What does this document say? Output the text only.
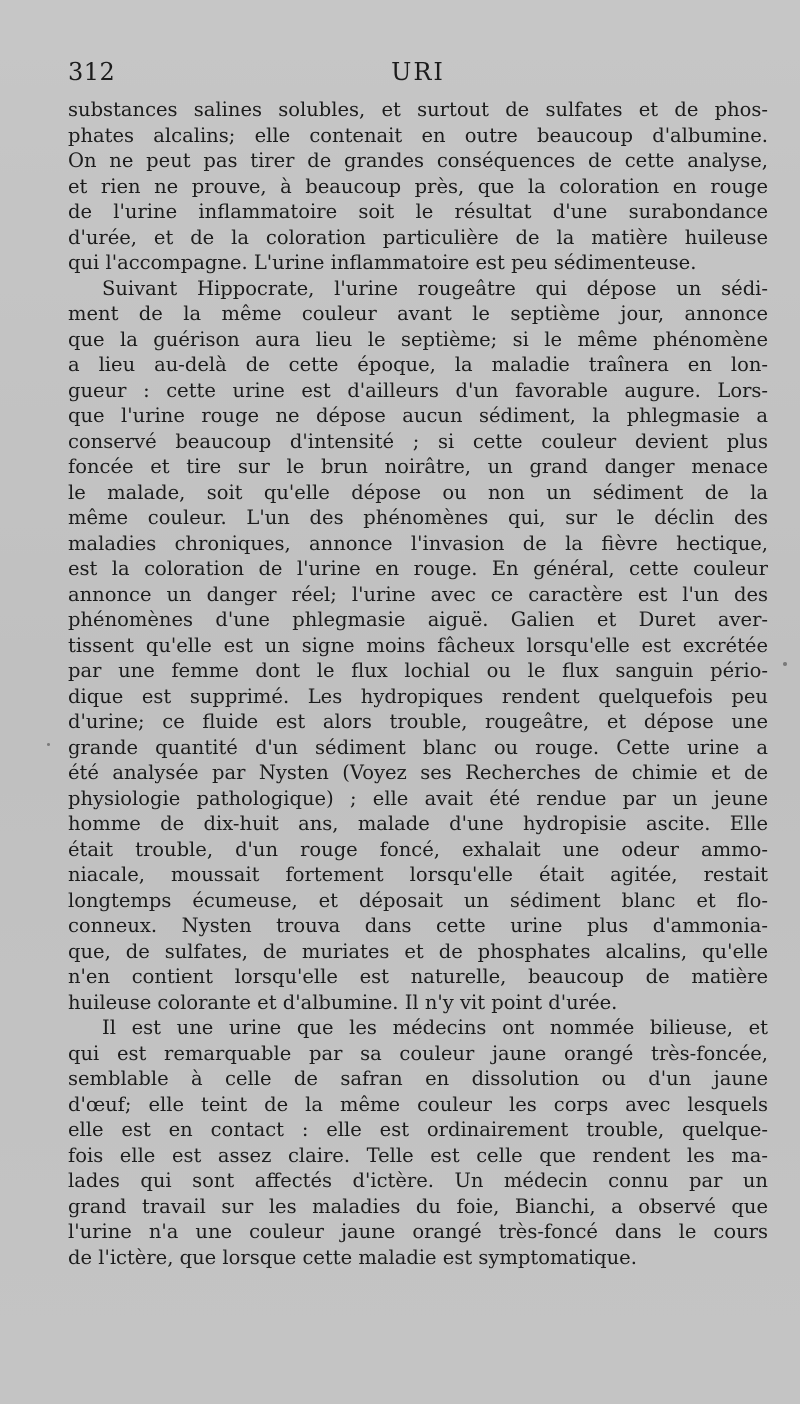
312	URI
substances salines solubles, et surtout de sulfates et de phos-
phates alcalins; elle contenait en outre beaucoup d'albumine.
On ne peut pas tirer de grandes conséquences de cette analyse,
et rien ne prouve, à beaucoup près, que la coloration en rouge
de l'urine inflammatoire soit le résultat d'une surabondance
d'urée, et de la coloration particulière de la matière huileuse
qui l'accompagne. L'urine inflammatoire est peu sédimenteuse.
Suivant Hippocrate, l'urine rougeâtre qui dépose un sédi-
ment de la même couleur avant le septième jour, annonce
que la guérison aura lieu le septième; si le même phénomène
a lieu au-delà de cette époque, la maladie traînera en lon-
gueur : cette urine est d'ailleurs d'un favorable augure. Lors-
que l'urine rouge ne dépose aucun sédiment, la phlegmasie a
conservé beaucoup d'intensité ; si cette couleur devient plus
foncée et tire sur le brun noirâtre, un grand danger menace
le malade, soit qu'elle dépose ou non un sédiment de la
même couleur. L'un des phénomènes qui, sur le déclin des
maladies chroniques, annonce l'invasion de la fièvre hectique,
est la coloration de l'urine en rouge. En général, cette couleur
annonce un danger réel; l'urine avec ce caractère est l'un des
phénomènes d'une phlegmasie aiguë. Galien et Duret aver-
tissent qu'elle est un signe moins fâcheux lorsqu'elle est excrétée
par une femme dont le flux lochial ou le flux sanguin pério-
dique est supprimé. Les hydropiques rendent quelquefois peu
d'urine; ce fluide est alors trouble, rougeâtre, et dépose une
grande quantité d'un sédiment blanc ou rouge. Cette urine a
été analysée par Nysten (Voyez ses Recherches de chimie et de
physiologie pathologique) ; elle avait été rendue par un jeune
homme de dix-huit ans, malade d'une hydropisie ascite. Elle
était trouble, d'un rouge foncé, exhalait une odeur ammo-
niacale, moussait fortement lorsqu'elle était agitée, restait
longtemps écumeuse, et déposait un sédiment blanc et flo-
conneux. Nysten trouva dans cette urine plus d'ammonia-
que, de sulfates, de muriates et de phosphates alcalins, qu'elle
n'en contient lorsqu'elle est naturelle, beaucoup de matière
huileuse colorante et d'albumine. Il n'y vit point d'urée.
Il est une urine que les médecins ont nommée bilieuse, et
qui est remarquable par sa couleur jaune orangé très-foncée,
semblable à celle de safran en dissolution ou d'un jaune
d'œuf; elle teint de la même couleur les corps avec lesquels
elle est en contact : elle est ordinairement trouble, quelque-
fois elle est assez claire. Telle est celle que rendent les ma-
lades qui sont affectés d'ictère. Un médecin connu par un
grand travail sur les maladies du foie, Bianchi, a observé que
l'urine n'a une couleur jaune orangé très-foncé dans le cours
de l'ictère, que lorsque cette maladie est symptomatique.
